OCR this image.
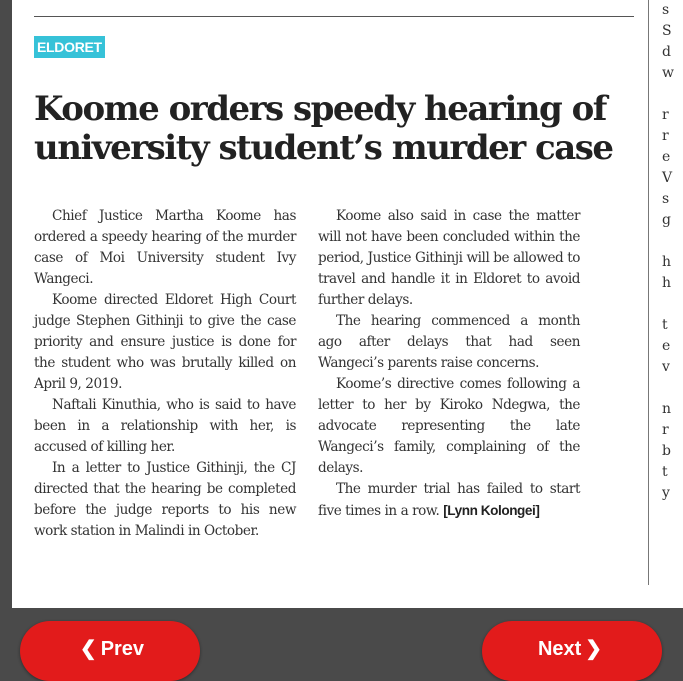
ELDORET
Koome orders speedy hearing of university student’s murder case

Chief Justice Martha Koome has ordered a speedy hearing of the murder case of Moi University student Ivy Wangeci.

Koome directed Eldoret High Court judge Stephen Githinji to give the case priority and ensure justice is done for the student who was brutally killed on April 9, 2019.

Naftali Kinuthia, who is said to have been in a relationship with her, is accused of killing her.

In a letter to Justice Githinji, the CJ directed that the hearing be completed before the judge reports to his new work station in Malindi in October.

Koome also said in case the matter will not have been concluded within the period, Justice Githinji will be allowed to travel and handle it in Eldoret to avoid further delays.

The hearing commenced a month ago after delays that had seen Wangeci’s parents raise concerns.

Koome’s directive comes following a letter to her by Kiroko Ndegwa, the advocate representing the late Wangeci’s family, complaining of the delays.

The murder trial has failed to start five times in a row. [Lynn Kolongei]

s
S
d
w
r
r
e
V
s
g
h
h
t
e
v
n
r
b
t
y
❮ Prev	Next ❯
